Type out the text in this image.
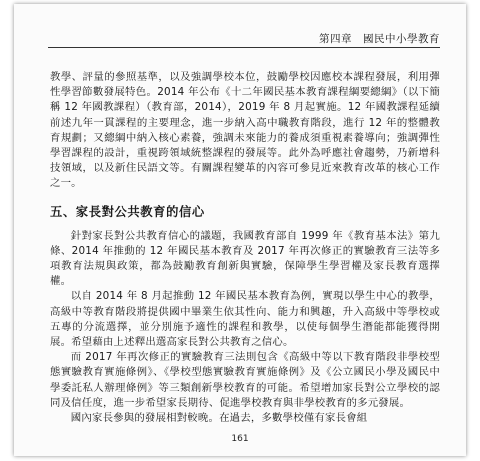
第四章　國民中小學教育

教學、評量的參照基準，以及強調學校本位，鼓勵學校因應校本課程發展，利用彈性學習節數發展特色。2014 年公布《十二年國民基本教育課程綱要總綱》（以下簡稱 12 年國教課程）（教育部，2014），2019 年 8 月起實施。12 年國教課程延續前述九年一貫課程的主要理念，進一步納入高中職教育階段，進行 12 年的整體教育規劃；又總綱中納入核心素養，強調未來能力的養成須重視素養導向；強調彈性學習課程的設計，重視跨領域統整課程的發展等。此外為呼應社會趨勢，乃新增科技領域，以及新住民語文等。有關課程變革的內容可參見近來教育改革的核心工作之一。

五、家長對公共教育的信心

針對家長對公共教育信心的議題，我國教育部自 1999 年《教育基本法》第九條、2014 年推動的 12 年國民基本教育及 2017 年再次修正的實驗教育三法等多項教育法規與政策，都為鼓勵教育創新與實驗，保障學生學習權及家長教育選擇權。

以自 2014 年 8 月起推動 12 年國民基本教育為例，實現以學生中心的教學，高級中等教育階段將提供國中畢業生依其性向、能力和興趣，升入高級中等學校或五專的分流選擇，並分別施予適性的課程和教學，以使每個學生潛能都能獲得開展。希望藉由上述釋出選高家長對公共教育之信心。

而 2017 年再次修正的實驗教育三法則包含《高級中等以下教育階段非學校型態實驗教育實施條例》、《學校型態實驗教育實施條例》及《公立國民小學及國民中學委託私人辦理條例》等三類創新學校教育的可能。希望增加家長對公立學校的認同及信任度，進一步希望家長期待、促進學校教育與非學校教育的多元發展。

國內家長參與的發展相對較晚。在過去，多數學校僅有家長會組

161
